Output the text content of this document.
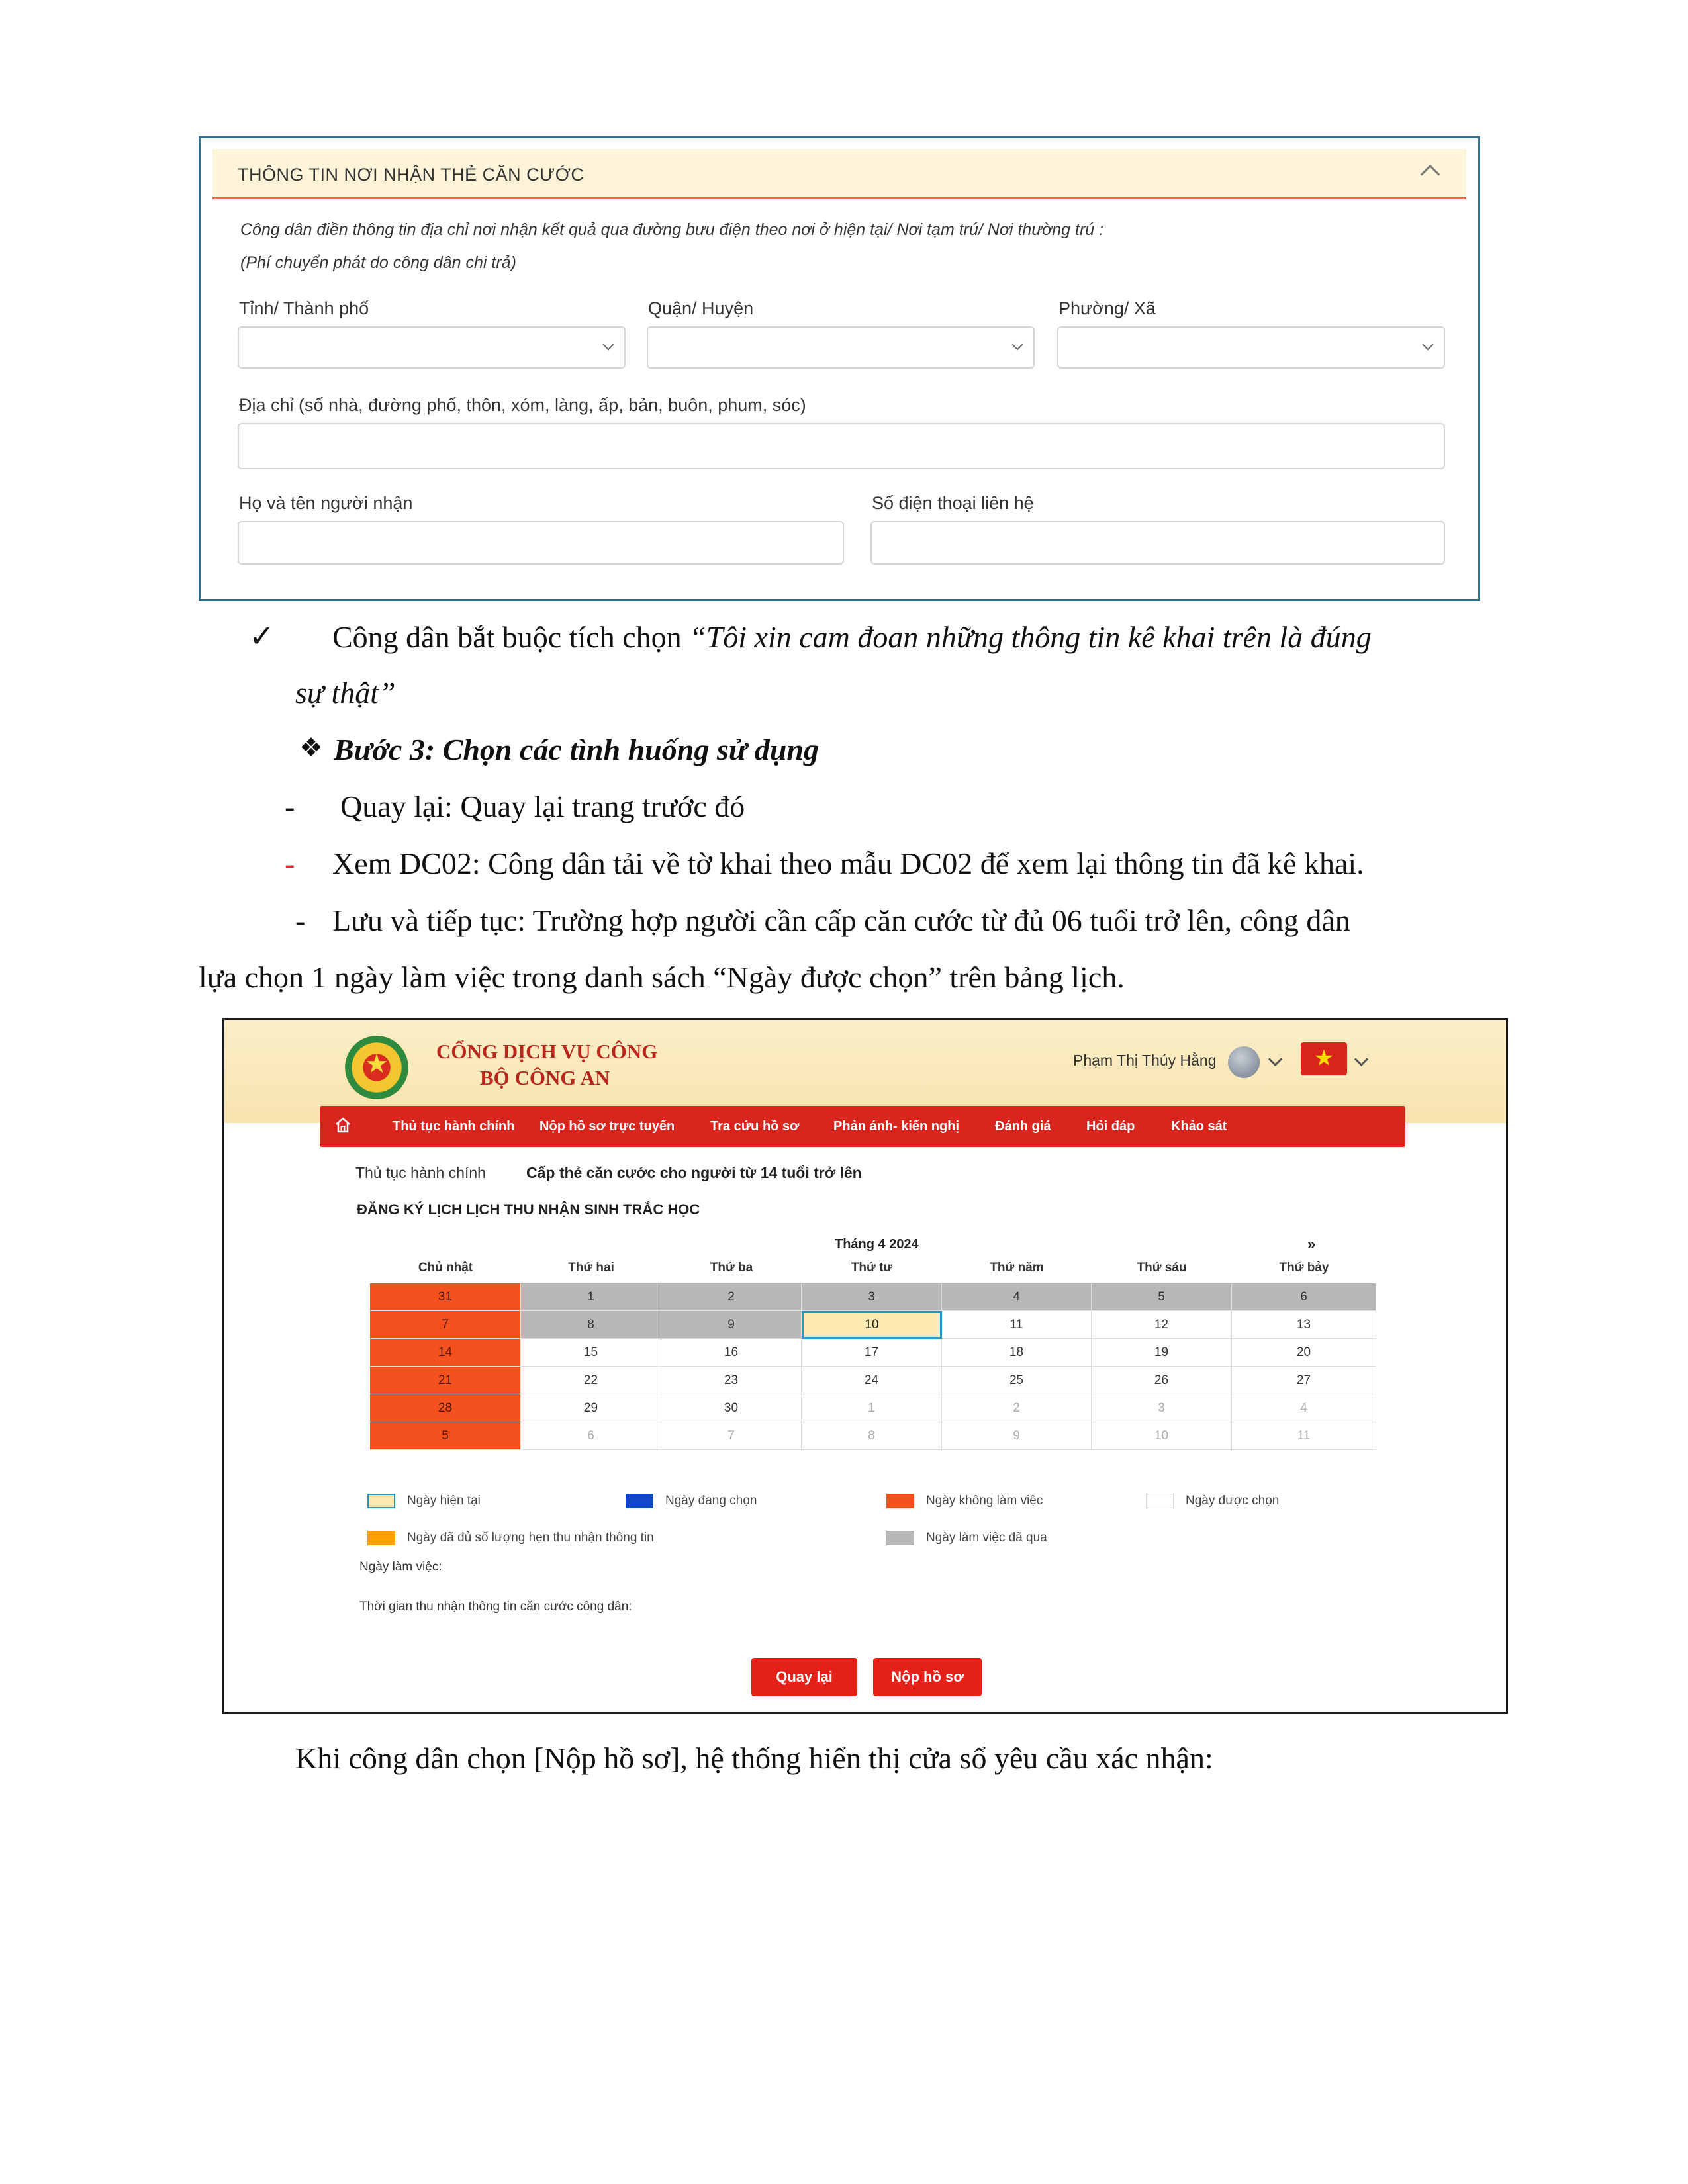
THÔNG TIN NƠI NHẬN THẺ CĂN CƯỚC
Công dân điền thông tin địa chỉ nơi nhận kết quả qua đường bưu điện theo nơi ở hiện tại/ Nơi tạm trú/ Nơi thường trú :
(Phí chuyển phát do công dân chi trả)
Tỉnh/ Thành phố	Quận/ Huyện	Phường/ Xã
Địa chỉ (số nhà, đường phố, thôn, xóm, làng, ấp, bản, buôn, phum, sóc)
Họ và tên người nhận	Số điện thoại liên hệ
✓ Công dân bắt buộc tích chọn “Tôi xin cam đoan những thông tin kê khai trên là đúng
sự thật”
❖ Bước 3: Chọn các tình huống sử dụng
- Quay lại: Quay lại trang trước đó
- Xem DC02: Công dân tải về tờ khai theo mẫu DC02 để xem lại thông tin đã kê khai.
- Lưu và tiếp tục: Trường hợp người cần cấp căn cước từ đủ 06 tuổi trở lên, công dân
lựa chọn 1 ngày làm việc trong danh sách “Ngày được chọn” trên bảng lịch.
★	CỔNG DỊCH VỤ CÔNG
BỘ CÔNG AN
Phạm Thị Thúy Hằng	★
Thủ tục hành chính Nộp hồ sơ trực tuyến	Tra cứu hồ sơ	Phản ánh- kiến nghị	Đánh giá	Hỏi đáp	Khảo sát
Thủ tục hành chính	Cấp thẻ căn cước cho người từ 14 tuổi trở lên
ĐĂNG KÝ LỊCH LỊCH THU NHẬN SINH TRẮC HỌC
Tháng 4 2024	»
Chủ nhật	Thứ hai	Thứ ba	Thứ tư	Thứ năm	Thứ sáu	Thứ bảy
31	1	2	3	4	5	6
7	8	9	10	11	12	13
14	15	16	17	18	19	20
21	22	23	24	25	26	27
28	29	30	1	2	3	4
5	6	7	8	9	10	11
Ngày hiện tại	Ngày đang chọn	Ngày không làm việc	Ngày được chọn
Ngày đã đủ số lượng hẹn thu nhận thông tin	Ngày làm việc đã qua
Ngày làm việc:
Thời gian thu nhận thông tin căn cước công dân:
Quay lại	Nộp hồ sơ
Khi công dân chọn [Nộp hồ sơ], hệ thống hiển thị cửa sổ yêu cầu xác nhận:
